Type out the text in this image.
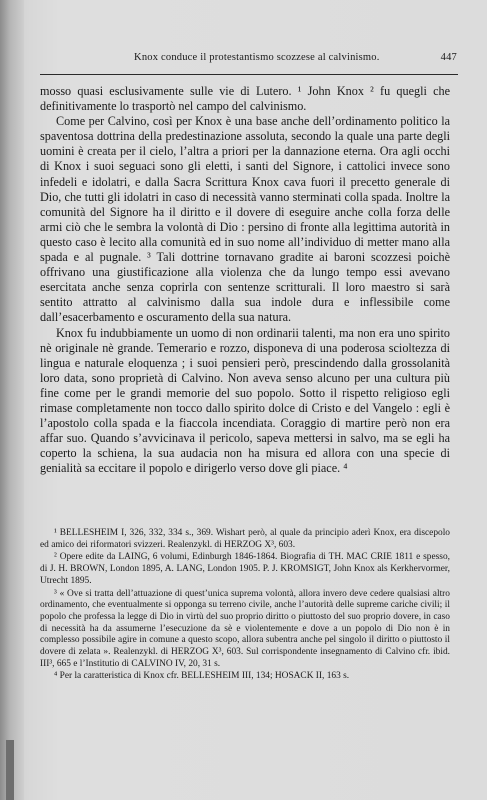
Knox conduce il protestantismo scozzese al calvinismo.	447

mosso quasi esclusivamente sulle vie di Lutero. ¹ John Knox ² fu quegli che definitivamente lo trasportò nel campo del calvinismo.

Come per Calvino, così per Knox è una base anche dell’ordinamento politico la spaventosa dottrina della predestinazione assoluta, secondo la quale una parte degli uomini è creata per il cielo, l’altra a priori per la dannazione eterna. Ora agli occhi di Knox i suoi seguaci sono gli eletti, i santi del Signore, i cattolici invece sono infedeli e idolatri, e dalla Sacra Scrittura Knox cava fuori il precetto generale di Dio, che tutti gli idolatri in caso di necessità vanno sterminati colla spada. Inoltre la comunità del Signore ha il diritto e il dovere di eseguire anche colla forza delle armi ciò che le sembra la volontà di Dio : persino di fronte alla legittima autorità in questo caso è lecito alla comunità ed in suo nome all’individuo di metter mano alla spada e al pugnale. ³ Tali dottrine tornavano gradite ai baroni scozzesi poichè offrivano una giustificazione alla violenza che da lungo tempo essi avevano esercitata anche senza coprirla con sentenze scritturali. Il loro maestro si sarà sentito attratto al calvinismo dalla sua indole dura e inflessibile come dall’esacerbamento e oscuramento della sua natura.

Knox fu indubbiamente un uomo di non ordinarii talenti, ma non era uno spirito nè originale nè grande. Temerario e rozzo, disponeva di una poderosa scioltezza di lingua e naturale eloquenza ; i suoi pensieri però, prescindendo dalla grossolanità loro data, sono proprietà di Calvino. Non aveva senso alcuno per una cultura più fine come per le grandi memorie del suo popolo. Sotto il rispetto religioso egli rimase completamente non tocco dallo spirito dolce di Cristo e del Vangelo : egli è l’apostolo colla spada e la fiaccola incendiata. Coraggio di martire però non era affar suo. Quando s’avvicinava il pericolo, sapeva mettersi in salvo, ma se egli ha coperto la schiena, la sua audacia non ha misura ed allora con una specie di genialità sa eccitare il popolo e dirigerlo verso dove gli piace. ⁴

¹ BELLESHEIM I, 326, 332, 334 s., 369. Wishart però, al quale da principio aderì Knox, era discepolo ed amico dei riformatori svizzeri. Realenzykl. di HERZOG X³, 603.

² Opere edite da LAING, 6 volumi, Edinburgh 1846-1864. Biografia di TH. MAC CRIE 1811 e spesso, di J. H. BROWN, London 1895, A. LANG, London 1905. P. J. KROMSIGT, John Knox als Kerkhervormer, Utrecht 1895.

³ « Ove si tratta dell’attuazione di quest’unica suprema volontà, allora invero deve cedere qualsiasi altro ordinamento, che eventualmente si opponga su terreno civile, anche l’autorità delle supreme cariche civili; il popolo che professa la legge di Dio in virtù del suo proprio diritto o piuttosto del suo proprio dovere, in caso di necessità ha da assumerne l’esecuzione da sè e violentemente e dove a un popolo di Dio non è in complesso possibile agire in comune a questo scopo, allora subentra anche pel singolo il diritto o piuttosto il dovere di zelata ». Realenzykl. di HERZOG X³, 603. Sul corrispondente insegnamento di Calvino cfr. ibid. III³, 665 e l’Institutio di CALVINO IV, 20, 31 s.

⁴ Per la caratteristica di Knox cfr. BELLESHEIM III, 134; HOSACK II, 163 s.
